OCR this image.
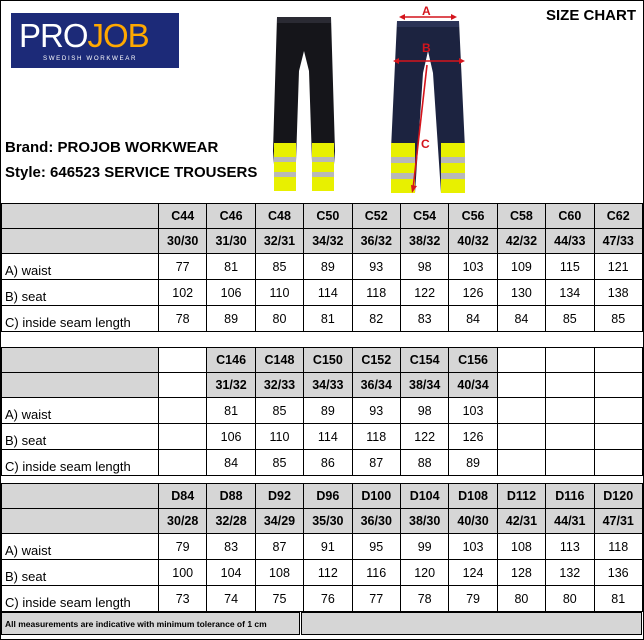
PROJOB
SWEDISH WORKWEAR
SIZE CHART
Brand: PROJOB WORKWEAR
Style: 646523 SERVICE TROUSERS
A
B
C
	C44	C46	C48	C50	C52	C54	C56	C58	C60	C62
	30/30	31/30	32/31	34/32	36/32	38/32	40/32	42/32	44/33	47/33
A) waist	77	81	85	89	93	98	103	109	115	121
B) seat	102	106	110	114	118	122	126	130	134	138
C) inside seam length	78	89	80	81	82	83	84	84	85	85
		C146	C148	C150	C152	C154	C156			
		31/32	32/33	34/33	36/34	38/34	40/34			
A) waist		81	85	89	93	98	103			
B) seat		106	110	114	118	122	126			
C) inside seam length		84	85	86	87	88	89			
	D84	D88	D92	D96	D100	D104	D108	D112	D116	D120
	30/28	32/28	34/29	35/30	36/30	38/30	40/30	42/31	44/31	47/31
A) waist	79	83	87	91	95	99	103	108	113	118
B) seat	100	104	108	112	116	120	124	128	132	136
C) inside seam length	73	74	75	76	77	78	79	80	80	81
All measurements are indicative with minimum tolerance of 1 cm
